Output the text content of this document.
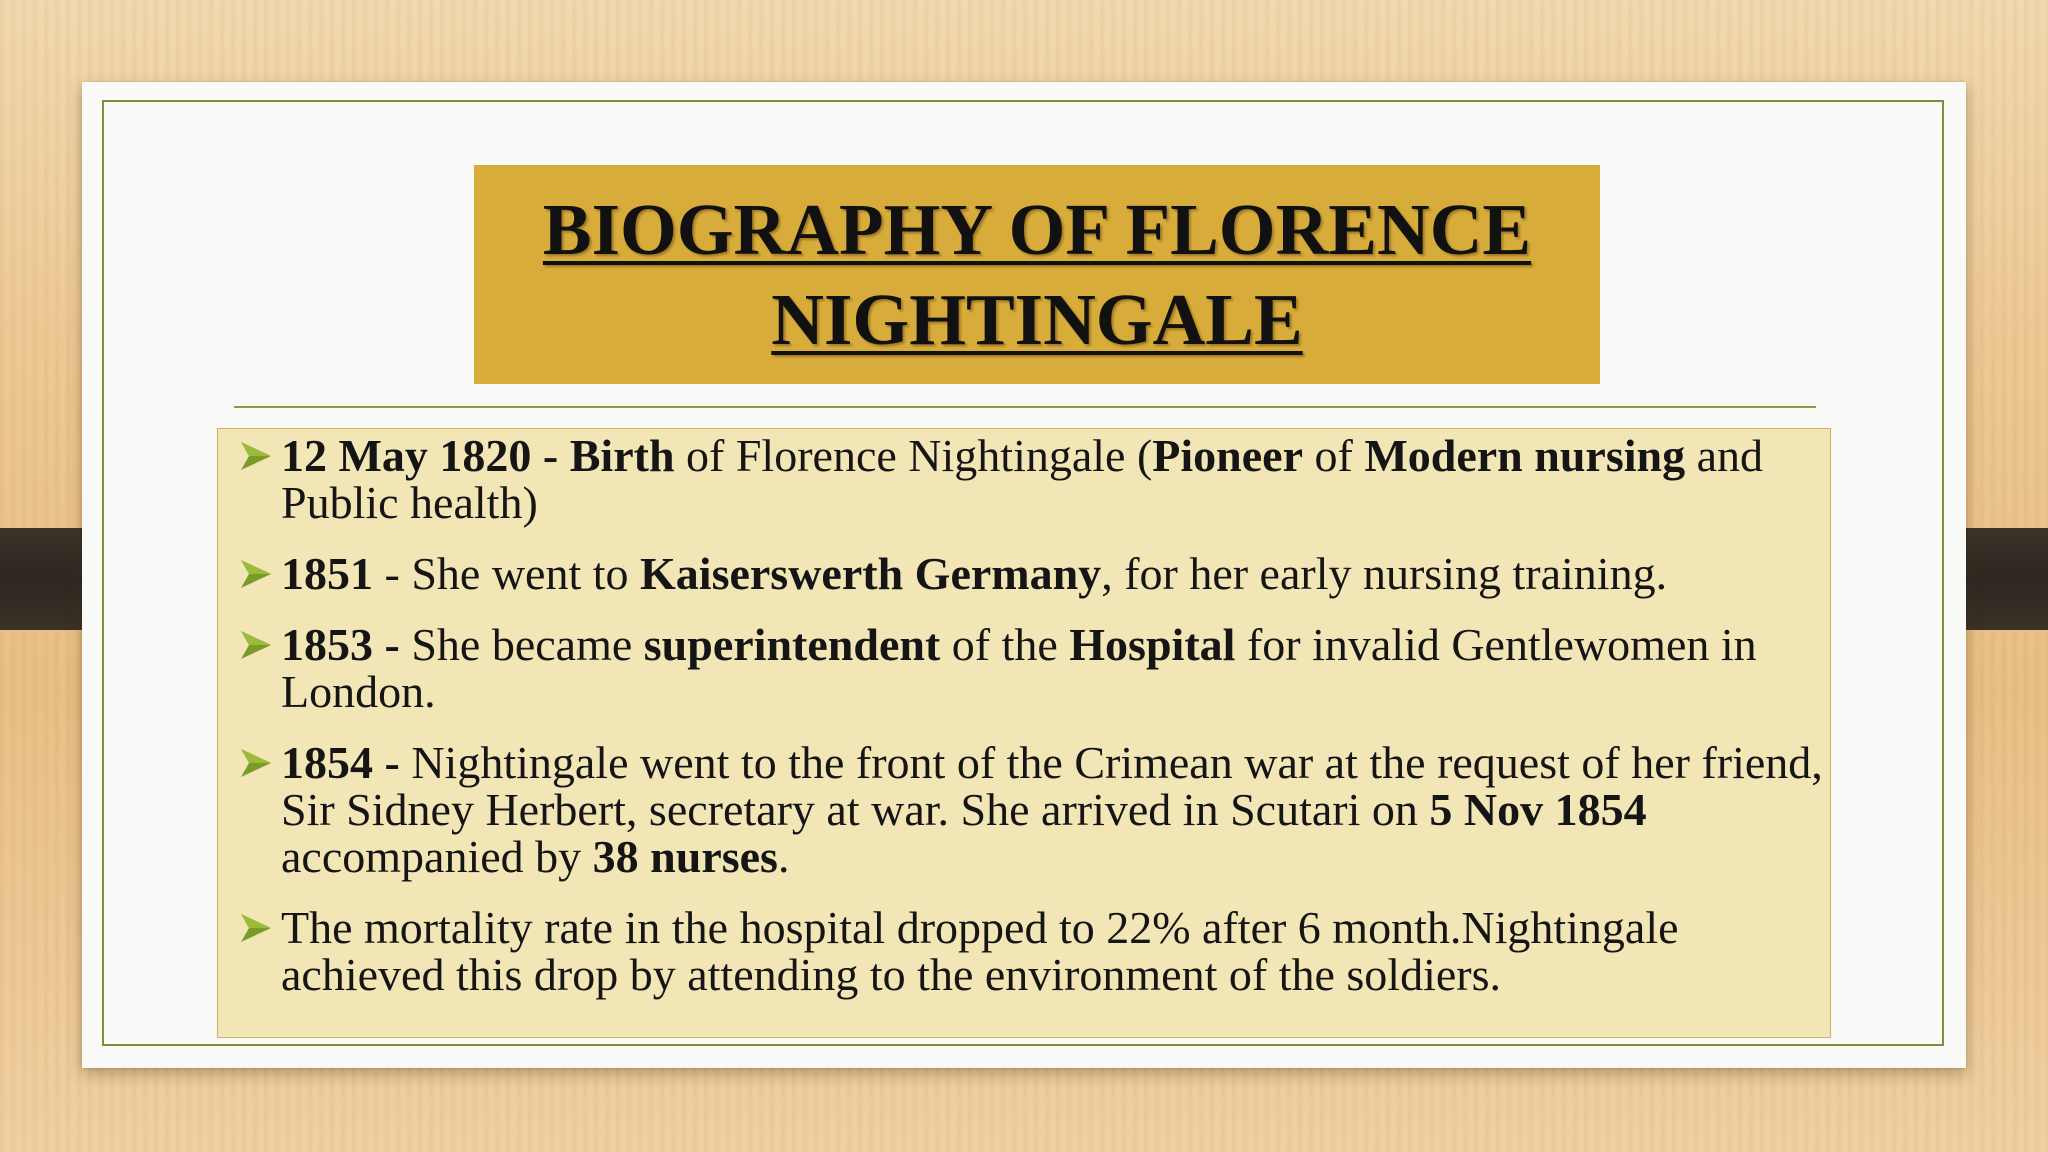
BIOGRAPHY OF FLORENCE
NIGHTINGALE
12 May 1820 - Birth of Florence Nightingale (Pioneer of Modern nursing and Public health)
1851 - She went to Kaiserswerth Germany, for her early nursing training.
1853 - She became superintendent of the Hospital for invalid Gentlewomen in London.
1854 - Nightingale went to the front of the Crimean war at the request of her friend, Sir Sidney Herbert, secretary at war. She arrived in Scutari on 5 Nov 1854 accompanied by 38 nurses.
The mortality rate in the hospital dropped to 22% after 6 month.Nightingale achieved this drop by attending to the environment of the soldiers.
